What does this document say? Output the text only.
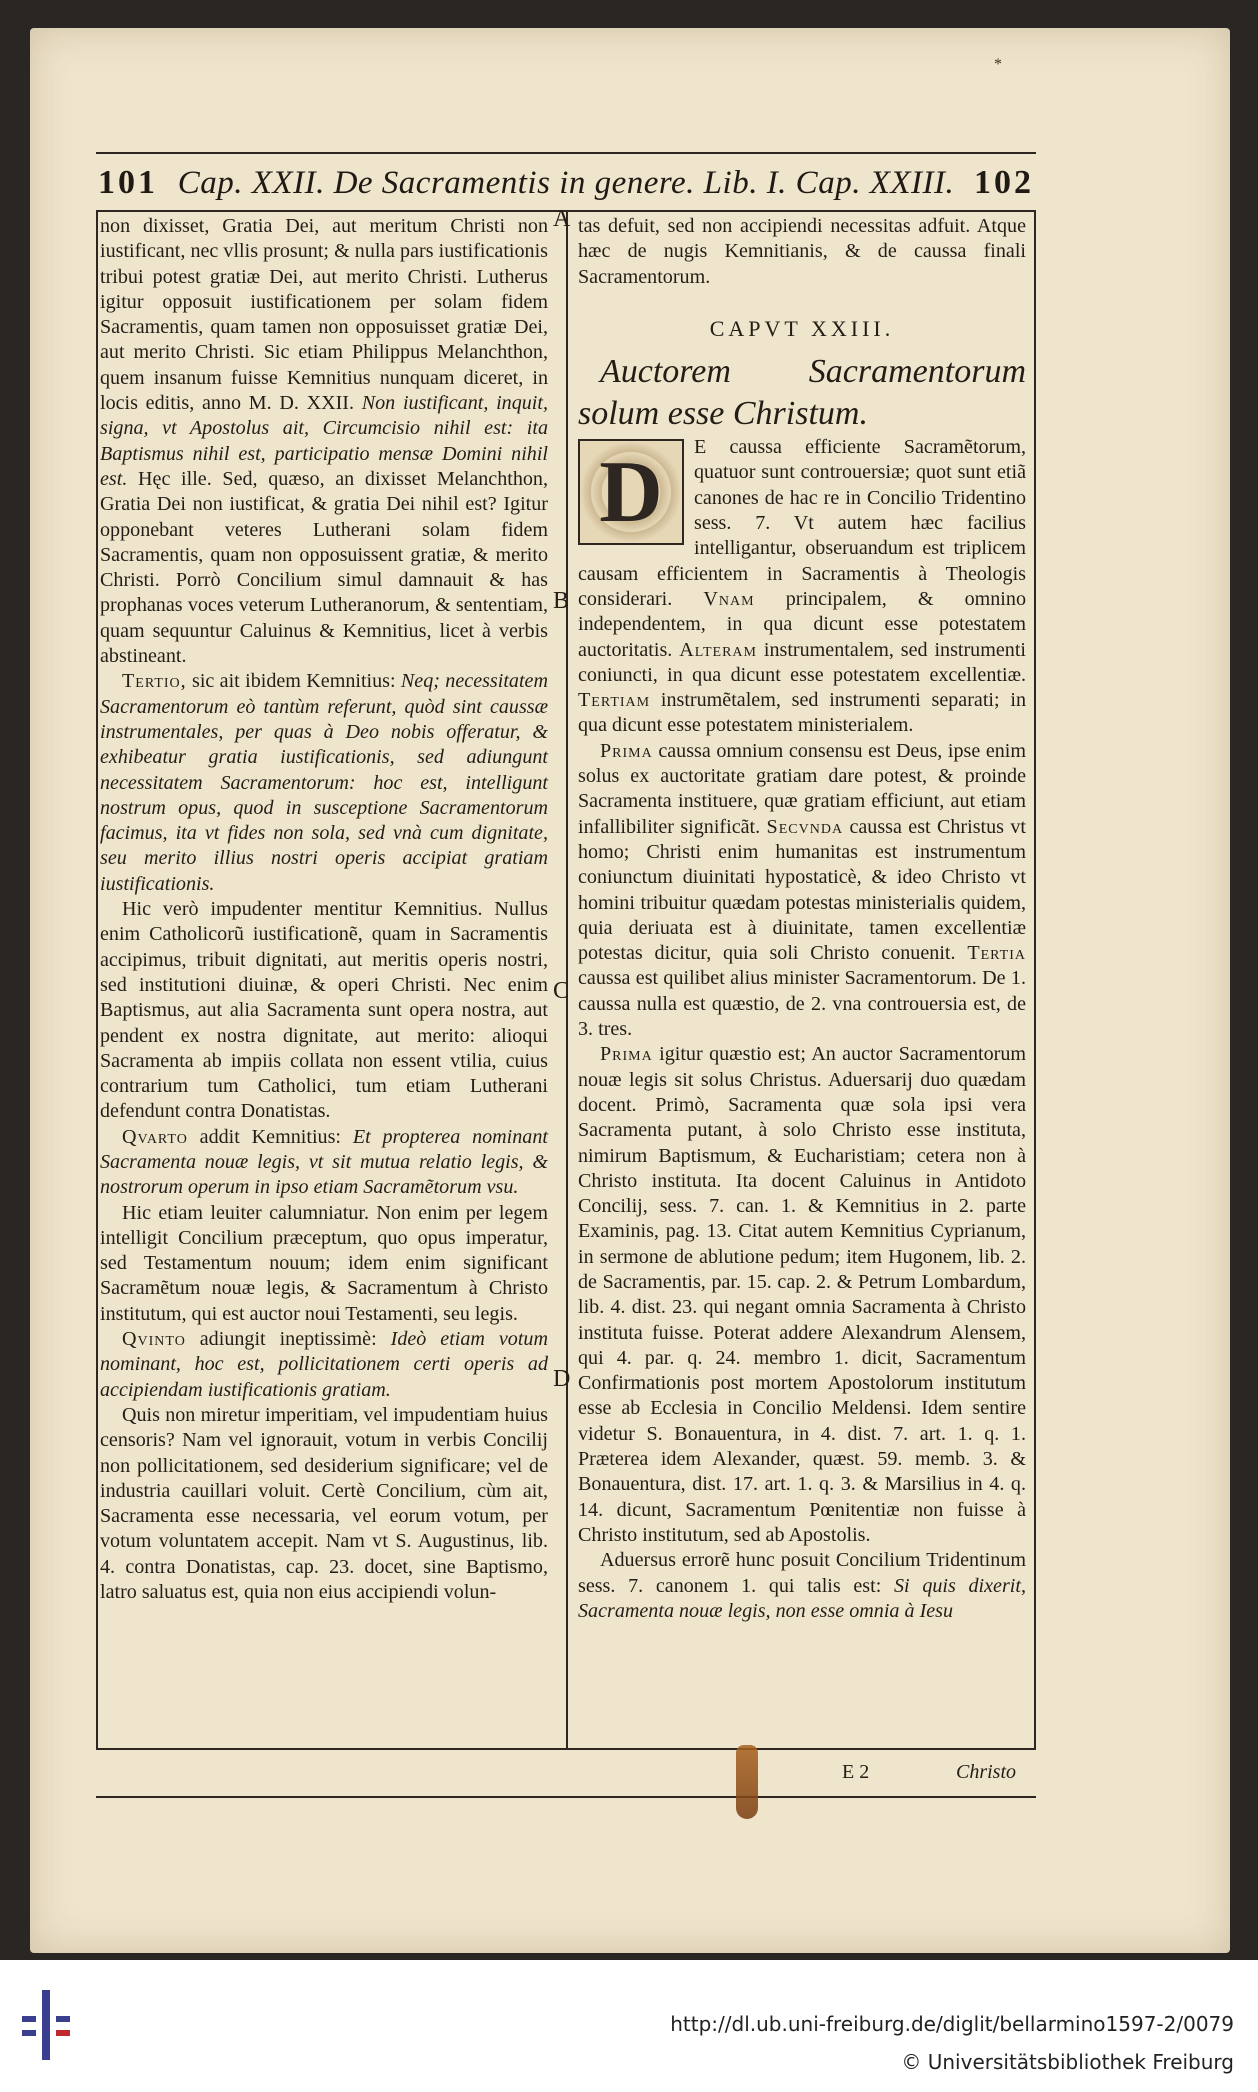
*
101 Cap. XXII. De Sacramentis in genere. Lib. I. Cap. XXIII. 102

non dixisset, Gratia Dei, aut meritum Christi non iustificant, nec vllis prosunt; & nulla pars iustificationis tribui potest gratiæ Dei, aut merito Christi. Lutherus igitur opposuit iustificationem per solam fidem Sacramentis, quam tamen non opposuisset gratiæ Dei, aut merito Christi. Sic etiam Philippus Melanchthon, quem insanum fuisse Kemnitius nunquam diceret, in locis editis, anno M. D. XXII. Non iustificant, inquit, signa, vt Apostolus ait, Circumcisio nihil est: ita Baptismus nihil est, participatio mensæ Domini nihil est. Hęc ille. Sed, quæso, an dixisset Melanchthon, Gratia Dei non iustificat, & gratia Dei nihil est? Igitur opponebant veteres Lutherani solam fidem Sacramentis, quam non opposuissent gratiæ, & merito Christi. Porrò Concilium simul damnauit & has prophanas voces veterum Lutheranorum, & sententiam, quam sequuntur Caluinus & Kemnitius, licet à verbis abstineant.

Tertio, sic ait ibidem Kemnitius: Neq; necessitatem Sacramentorum eò tantùm referunt, quòd sint caussæ instrumentales, per quas à Deo nobis offeratur, & exhibeatur gratia iustificationis, sed adiungunt necessitatem Sacramentorum: hoc est, intelligunt nostrum opus, quod in susceptione Sacramentorum facimus, ita vt fides non sola, sed vnà cum dignitate, seu merito illius nostri operis accipiat gratiam iustificationis.

Hic verò impudenter mentitur Kemnitius. Nullus enim Catholicorũ iustificationẽ, quam in Sacramentis accipimus, tribuit dignitati, aut meritis operis nostri, sed institutioni diuinæ, & operi Christi. Nec enim Baptismus, aut alia Sacramenta sunt opera nostra, aut pendent ex nostra dignitate, aut merito: alioqui Sacramenta ab impiis collata non essent vtilia, cuius contrarium tum Catholici, tum etiam Lutherani defendunt contra Donatistas.

Qvarto addit Kemnitius: Et propterea nominant Sacramenta nouæ legis, vt sit mutua relatio legis, & nostrorum operum in ipso etiam Sacramẽtorum vsu.

Hic etiam leuiter calumniatur. Non enim per legem intelligit Concilium præceptum, quo opus imperatur, sed Testamentum nouum; idem enim significant Sacramẽtum nouæ legis, & Sacramentum à Christo institutum, qui est auctor noui Testamenti, seu legis.

Qvinto adiungit ineptissimè: Ideò etiam votum nominant, hoc est, pollicitationem certi operis ad accipiendam iustificationis gratiam.

Quis non miretur imperitiam, vel impudentiam huius censoris? Nam vel ignorauit, votum in verbis Concilij non pollicitationem, sed desiderium significare; vel de industria cauillari voluit. Certè Concilium, cùm ait, Sacramenta esse necessaria, vel eorum votum, per votum voluntatem accepit. Nam vt S. Augustinus, lib. 4. contra Donatistas, cap. 23. docet, sine Baptismo, latro saluatus est, quia non eius accipiendi volun-

A
B
C
D

tas defuit, sed non accipiendi necessitas adfuit. Atque hæc de nugis Kemnitianis, & de caussa finali Sacramentorum.

CAPVT XXIII.

Auctorem Sacramentorum solum esse Christum.

D	E caussa efficiente Sacramẽtorum, quatuor sunt controuersiæ; quot sunt etiã canones de hac re in Concilio Tridentino sess. 7. Vt autem hæc facilius intelligantur, obseruandum est triplicem causam efficientem in Sacramentis à Theologis considerari. Vnam principalem, & omnino independentem, in qua dicunt esse potestatem auctoritatis. Alteram instrumentalem, sed instrumenti coniuncti, in qua dicunt esse potestatem excellentiæ. Tertiam instrumẽtalem, sed instrumenti separati; in qua dicunt esse potestatem ministerialem.

Prima caussa omnium consensu est Deus, ipse enim solus ex auctoritate gratiam dare potest, & proinde Sacramenta instituere, quæ gratiam efficiunt, aut etiam infallibiliter significãt. Secvnda caussa est Christus vt homo; Christi enim humanitas est instrumentum coniunctum diuinitati hypostaticè, & ideo Christo vt homini tribuitur quædam potestas ministerialis quidem, quia deriuata est à diuinitate, tamen excellentiæ potestas dicitur, quia soli Christo conuenit. Tertia caussa est quilibet alius minister Sacramentorum. De 1. caussa nulla est quæstio, de 2. vna controuersia est, de 3. tres.

Prima igitur quæstio est; An auctor Sacramentorum nouæ legis sit solus Christus. Aduersarij duo quædam docent. Primò, Sacramenta quæ sola ipsi vera Sacramenta putant, à solo Christo esse instituta, nimirum Baptismum, & Eucharistiam; cetera non à Christo instituta. Ita docent Caluinus in Antidoto Concilij, sess. 7. can. 1. & Kemnitius in 2. parte Examinis, pag. 13. Citat autem Kemnitius Cyprianum, in sermone de ablutione pedum; item Hugonem, lib. 2. de Sacramentis, par. 15. cap. 2. & Petrum Lombardum, lib. 4. dist. 23. qui negant omnia Sacramenta à Christo instituta fuisse. Poterat addere Alexandrum Alensem, qui 4. par. q. 24. membro 1. dicit, Sacramentum Confirmationis post mortem Apostolorum institutum esse ab Ecclesia in Concilio Meldensi. Idem sentire videtur S. Bonauentura, in 4. dist. 7. art. 1. q. 1. Præterea idem Alexander, quæst. 59. memb. 3. & Bonauentura, dist. 17. art. 1. q. 3. & Marsilius in 4. q. 14. dicunt, Sacramentum Pœnitentiæ non fuisse à Christo institutum, sed ab Apostolis.

Aduersus errorẽ hunc posuit Concilium Tridentinum sess. 7. canonem 1. qui talis est: Si quis dixerit, Sacramenta nouæ legis, non esse omnia à Iesu

E 2	Christo
http://dl.ub.uni-freiburg.de/diglit/bellarmino1597-2/0079
© Universitätsbibliothek Freiburg
